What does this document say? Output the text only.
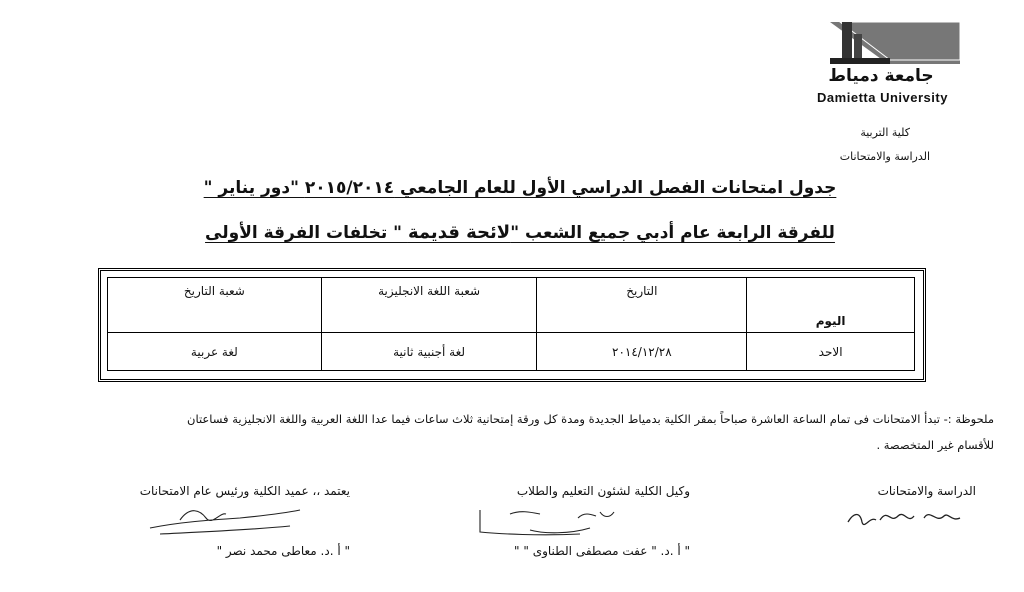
جامعة دمياط
Damietta University
كلية التربية
الدراسة والامتحانات
جدول امتحانات الفصل الدراسي الأول للعام الجامعي ٢٠١٥/٢٠١٤ "دور يناير "
للفرقة الرابعة عام أدبي جميع الشعب "لائحة قديمة " تخلفات الفرقة الأولى
اليوم	التاريخ	شعبة اللغة الانجليزية	شعبة التاريخ
الاحد	٢٠١٤/١٢/٢٨	لغة أجنبية ثانية	لغة عربية
ملحوظة :- تبدأ الامتحانات فى تمام الساعة العاشرة صباحاً بمقر الكلية بدمياط الجديدة ومدة كل ورقة إمتحانية ثلاث ساعات فيما عدا اللغة العربية واللغة الانجليزية فساعتان
للأقسام غير المتخصصة .
الدراسة والامتحانات
وكيل الكلية لشئون التعليم والطلاب
" أ .د. " عفت مصطفى الطناوى " "
يعتمد ،، عميد الكلية ورئيس عام الامتحانات
" أ .د. معاطى محمد نصر "
